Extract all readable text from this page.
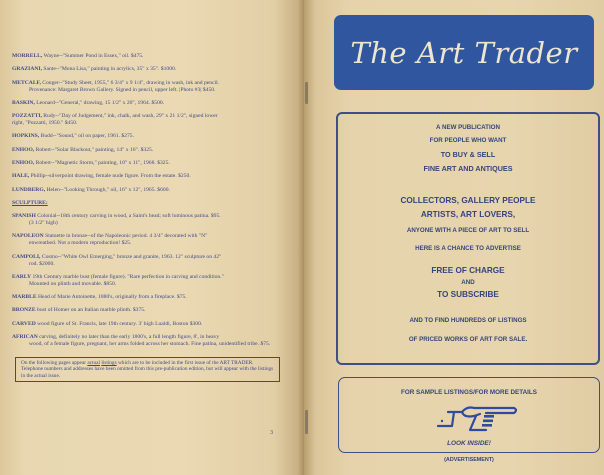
MORRELL, Wayne--"Summer Pond in Essex," oil. $475.
GRAZIANI, Sante--"Mona Lisa," painting in acrylics, 35" x 35". $1000.
METCALF, Conger--"Study Sheet, 1955," 6 3/4" x 9 1/4", drawing in wash, ink and pencil.
Provenance: Margaret Brown Gallery. Signed in pencil, upper left. |Photo #3| $450.
BASKIN, Leonard--"General," drawing, 15 1/2" x 20", 1964. $500.
POZZATTI, Rudy--"Day of Judgement," ink, chalk, and wash, 29" x 21 1/2", signed lower
right, "Pozzatti, 1950." $450.
HOPKINS, Budd--"Sound," oil on paper, 1961. $275.
ENHOO, Robert--"Solar Blackout," painting, 14" x 16". $325.
ENHOO, Robert--"Magnetic Storm," painting, 10" x 11", 1968. $325.
HALE, Phillip--silverpoint drawing, female nude figure. From the estate. $250.
LUNDBERG, Helen--"Looking Through," oil, 16" x 12", 1965. $600.
SCULPTURE:
SPANISH Colonial--18th century carving in wood, a Saint's head; soft luminous patina. $95.
(3 1/2" high)
NAPOLEON Statuette in bronze--of the Napoleonic period. 4 3/4" decorated with "N"
enwreathed. Not a modern reproduction! $25.
CAMPOLI, Cosmo--"White Owl Emerging," bronze and granite, 1963. 12" sculpture on 42"
rod. $2000.
EARLY 19th Century marble bust (female figure). "Rare perfection in carving and condition."
Mounted on plinth and movable. $850.
MARBLE Head of Marie Antoinette, 1880's, originally from a fireplace. $75.
BRONZE bust of Homer on an Italian marble plinth. $375.
CARVED wood figure of St. Francis, late 19th century. 3' high Lualdi, Boston $300.
AFRICAN carving, definitely no later than the early 1800's, a full length figure, 8', in heavy
wood, of a female figure, pregnant, her arms folded across her stomach. Fine patina, unidentified tribe. $75.
On the following pages appear actual listings which are to be included in the first issue of the ART TRADER. Telephone numbers and addresses have been omitted from this pre-publication edition, but will appear with the listings in the actual issue.
3
The Art Trader
A NEW PUBLICATION
FOR PEOPLE WHO WANT
TO BUY & SELL
FINE ART AND ANTIQUES
COLLECTORS, GALLERY PEOPLE
ARTISTS, ART LOVERS,
ANYONE WITH A PIECE OF ART TO SELL
HERE IS A CHANCE TO ADVERTISE
FREE OF CHARGE
AND
TO SUBSCRIBE
AND TO FIND HUNDREDS OF LISTINGS
OF PRICED WORKS OF ART FOR SALE.
FOR SAMPLE LISTINGS/FOR MORE DETAILS
LOOK INSIDE!
(ADVERTISEMENT)
